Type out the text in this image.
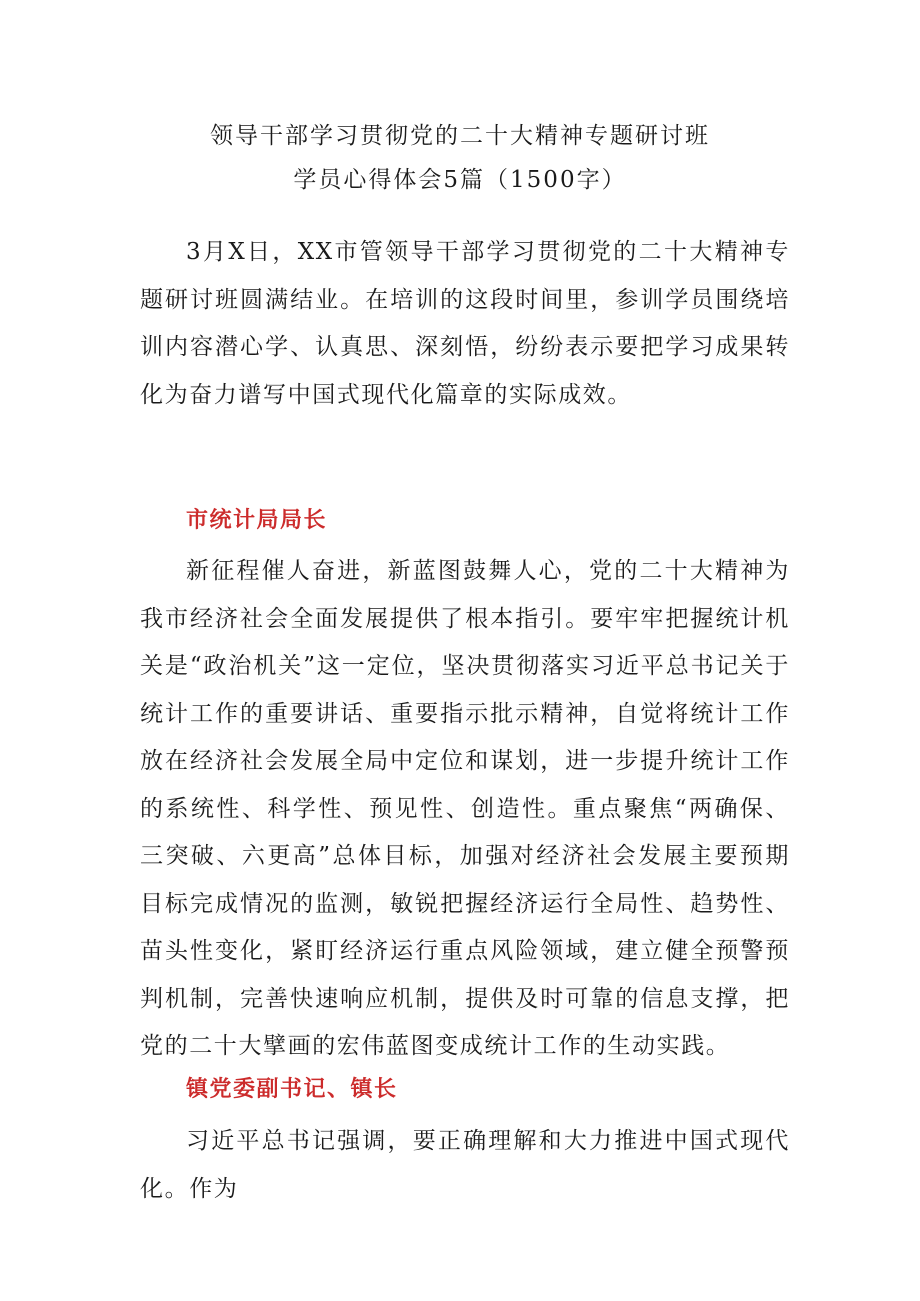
领导干部学习贯彻党的二十大精神专题研讨班
学员心得体会5篇（1500字）

3月X日，XX市管领导干部学习贯彻党的二十大精神专题研讨班圆满结业。在培训的这段时间里，参训学员围绕培训内容潜心学、认真思、深刻悟，纷纷表示要把学习成果转化为奋力谱写中国式现代化篇章的实际成效。

市统计局局长

新征程催人奋进，新蓝图鼓舞人心，党的二十大精神为我市经济社会全面发展提供了根本指引。要牢牢把握统计机关是“政治机关”这一定位，坚决贯彻落实习近平总书记关于统计工作的重要讲话、重要指示批示精神，自觉将统计工作放在经济社会发展全局中定位和谋划，进一步提升统计工作的系统性、科学性、预见性、创造性。重点聚焦“两确保、三突破、六更高”总体目标，加强对经济社会发展主要预期目标完成情况的监测，敏锐把握经济运行全局性、趋势性、苗头性变化，紧盯经济运行重点风险领域，建立健全预警预判机制，完善快速响应机制，提供及时可靠的信息支撑，把党的二十大擘画的宏伟蓝图变成统计工作的生动实践。

镇党委副书记、镇长

习近平总书记强调，要正确理解和大力推进中国式现代化。作为
